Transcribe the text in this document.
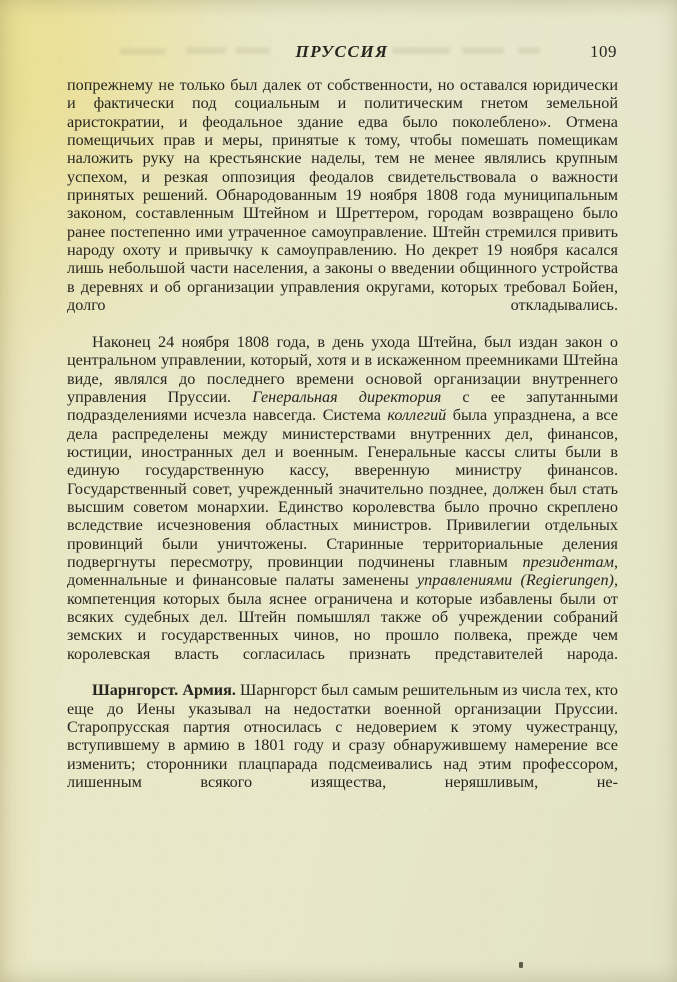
ПРУССИЯ	109

попрежнему не только был далек от собственности, но оставался юридически и фактически под социальным и политическим гнетом земельной аристократии, и феодальное здание едва было поколеблено». Отмена помещичьих прав и меры, принятые к тому, чтобы помешать помещикам наложить руку на крестьянские наделы, тем не менее являлись крупным успехом, и резкая оппозиция феодалов свидетельствовала о важности принятых решений. Обнародованным 19 ноября 1808 года муниципальным законом, составленным Штейном и Шреттером, городам возвращено было ранее постепенно ими утраченное самоуправление. Штейн стремился привить народу охоту и привычку к самоуправлению. Но декрет 19 ноября касался лишь небольшой части населения, а законы о введении общинного устройства в деревнях и об организации управления округами, которых требовал Бойен, долго откладывались.

Наконец 24 ноября 1808 года, в день ухода Штейна, был издан закон о центральном управлении, который, хотя и в искаженном преемниками Штейна виде, являлся до последнего времени основой организации внутреннего управления Пруссии. Генеральная директория с ее запутанными подразделениями исчезла навсегда. Система коллегий была упразднена, а все дела распределены между министерствами внутренних дел, финансов, юстиции, иностранных дел и военным. Генеральные кассы слиты были в единую государственную кассу, вверенную министру финансов. Государственный совет, учрежденный значительно позднее, должен был стать высшим советом монархии. Единство королевства было прочно скреплено вследствие исчезновения областных министров. Привилегии отдельных провинций были уничтожены. Старинные территориальные деления подвергнуты пересмотру, провинции подчинены главным президентам, доменнальные и финансовые палаты заменены управлениями (Regierungen), компетенция которых была яснее ограничена и которые избавлены были от всяких судебных дел. Штейн помышлял также об учреждении собраний земских и государственных чинов, но прошло полвека, прежде чем королевская власть согласилась признать представителей народа.

Шарнгорст. Армия. Шарнгорст был самым решительным из числа тех, кто еще до Иены указывал на недостатки военной организации Пруссии. Старопрусская партия относилась с недоверием к этому чужестранцу, вступившему в армию в 1801 году и сразу обнаружившему намерение все изменить; сторонники плацпарада подсмеивались над этим профессором, лишенным всякого изящества, неряшливым, не-
